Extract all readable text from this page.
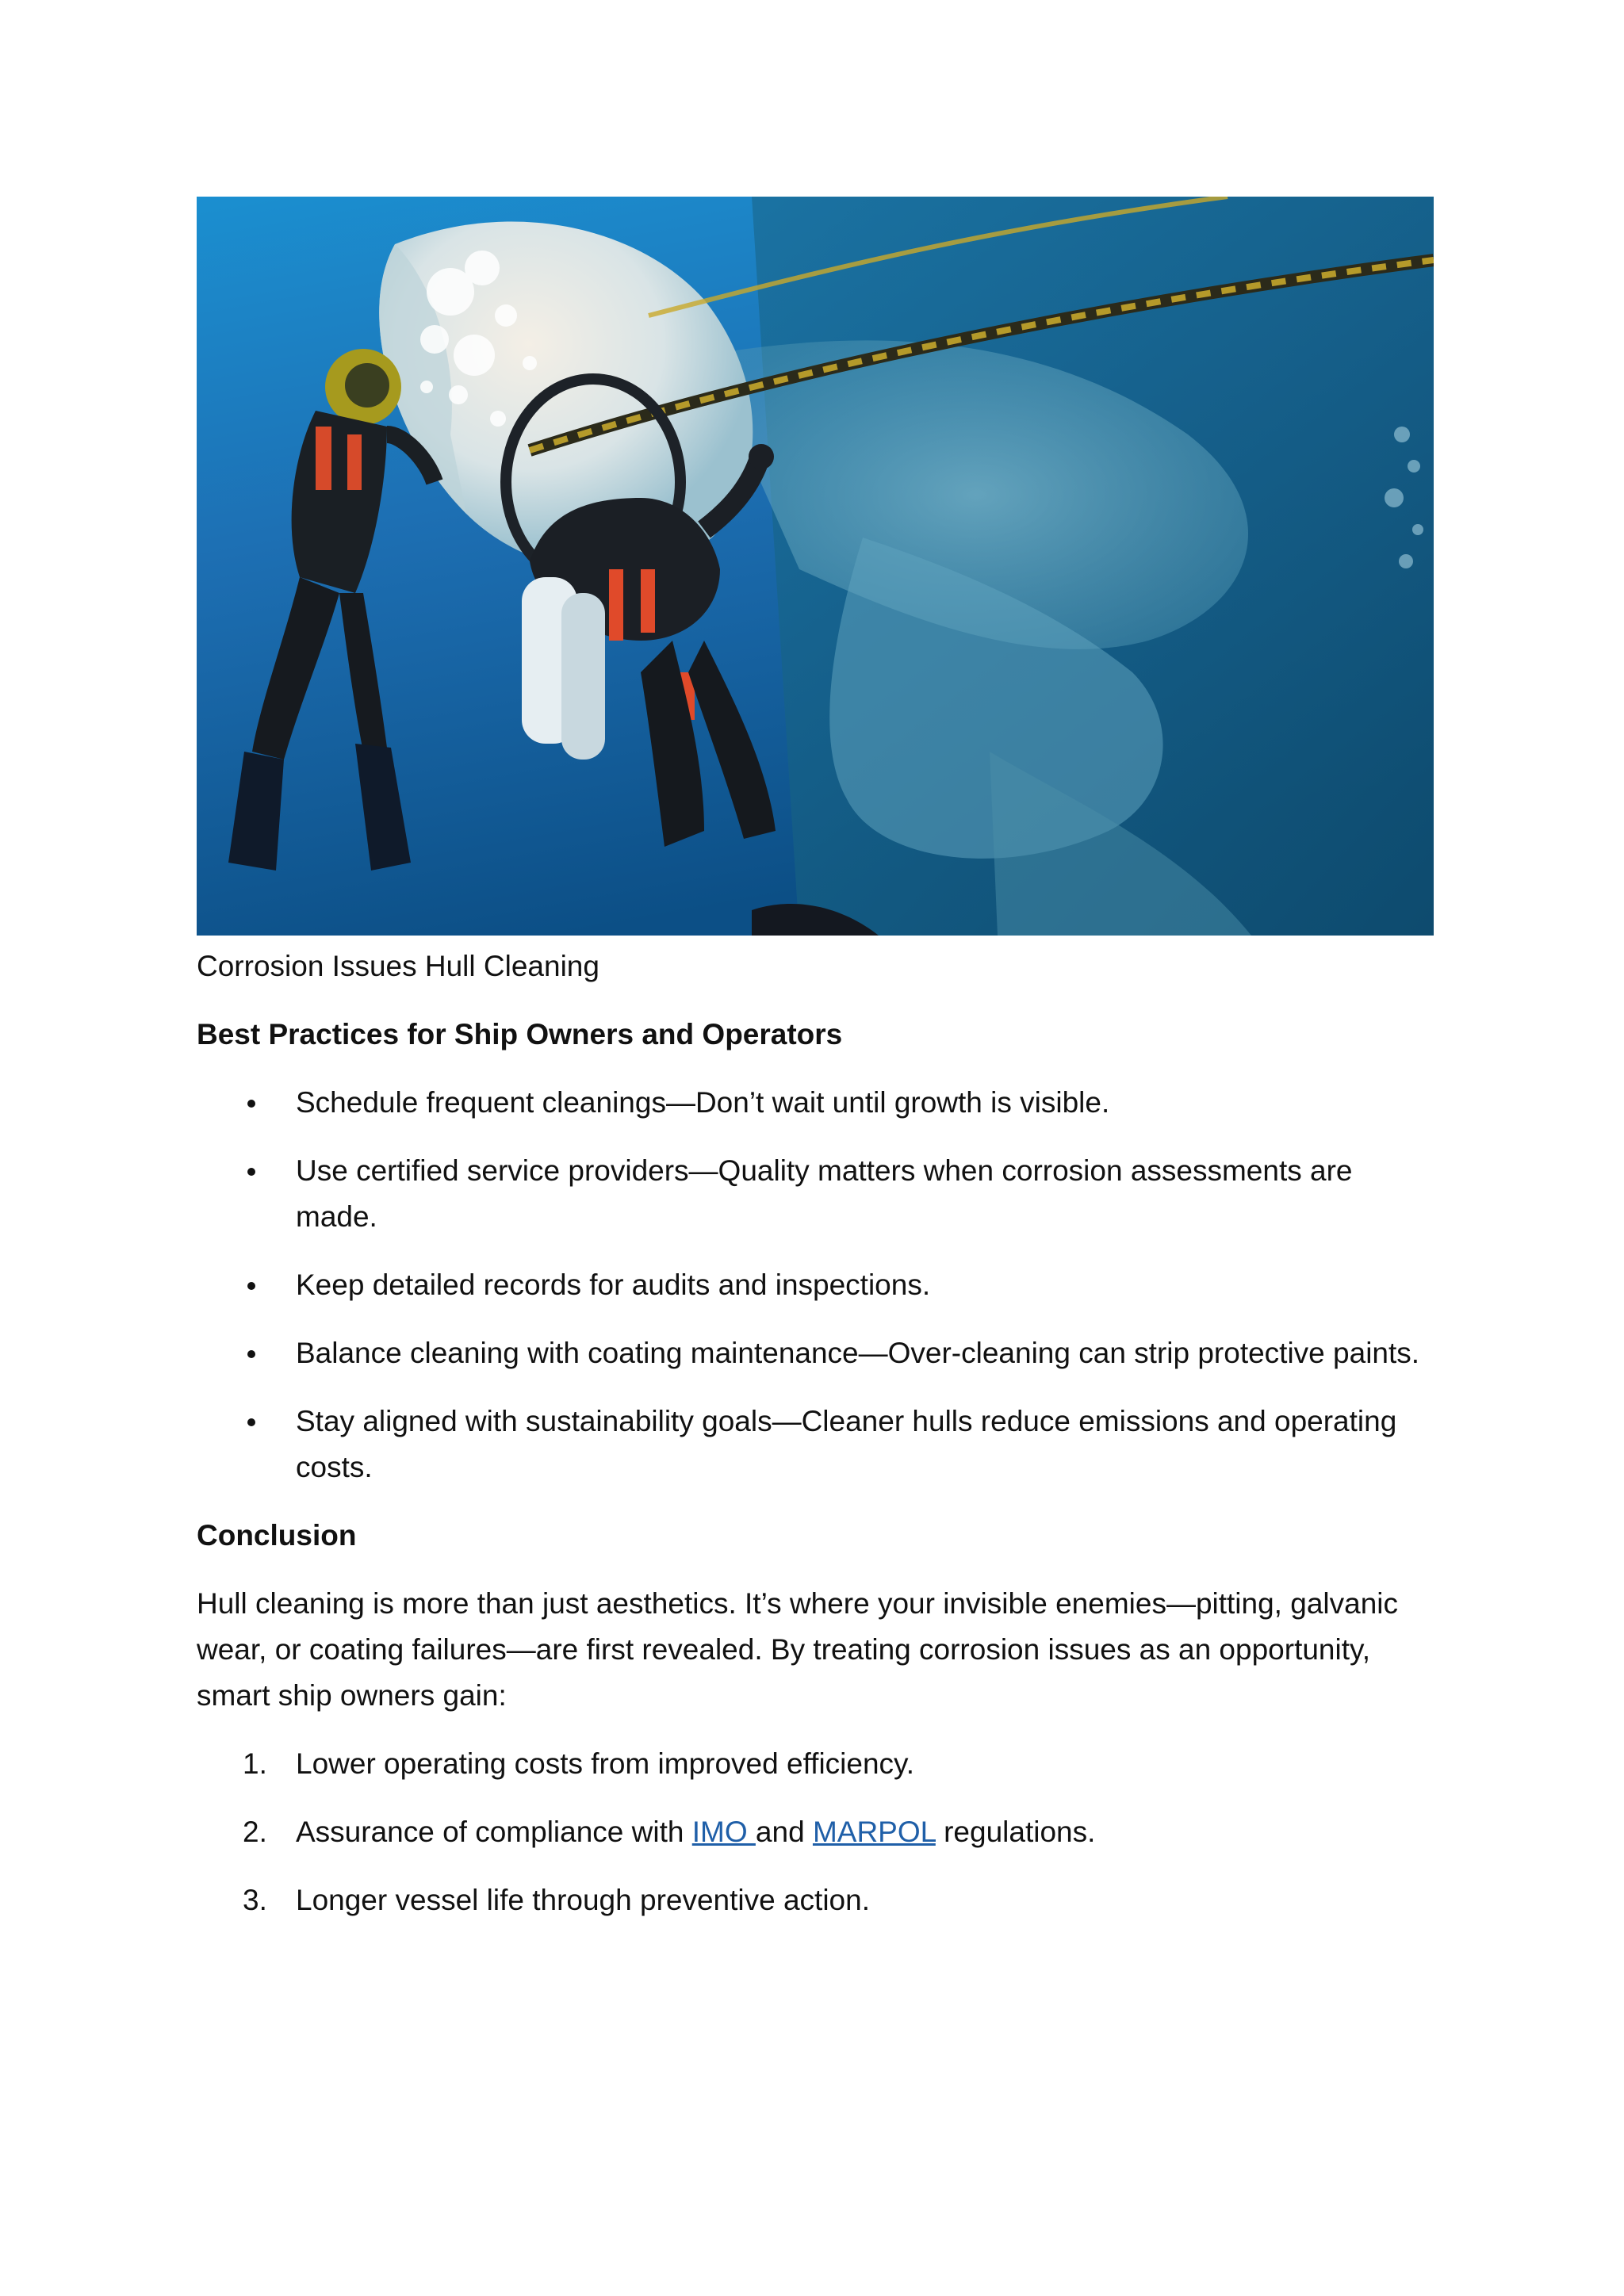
Corrosion Issues Hull Cleaning
Best Practices for Ship Owners and Operators
Schedule frequent cleanings—Don’t wait until growth is visible.
Use certified service providers—Quality matters when corrosion assessments are made.
Keep detailed records for audits and inspections.
Balance cleaning with coating maintenance—Over-cleaning can strip protective paints.
Stay aligned with sustainability goals—Cleaner hulls reduce emissions and operating costs.
Conclusion

Hull cleaning is more than just aesthetics. It’s where your invisible enemies—pitting, galvanic wear, or coating failures—are first revealed. By treating corrosion issues as an opportunity, smart ship owners gain:

1. Lower operating costs from improved efficiency.
2. Assurance of compliance with IMO and MARPOL regulations.
3. Longer vessel life through preventive action.
